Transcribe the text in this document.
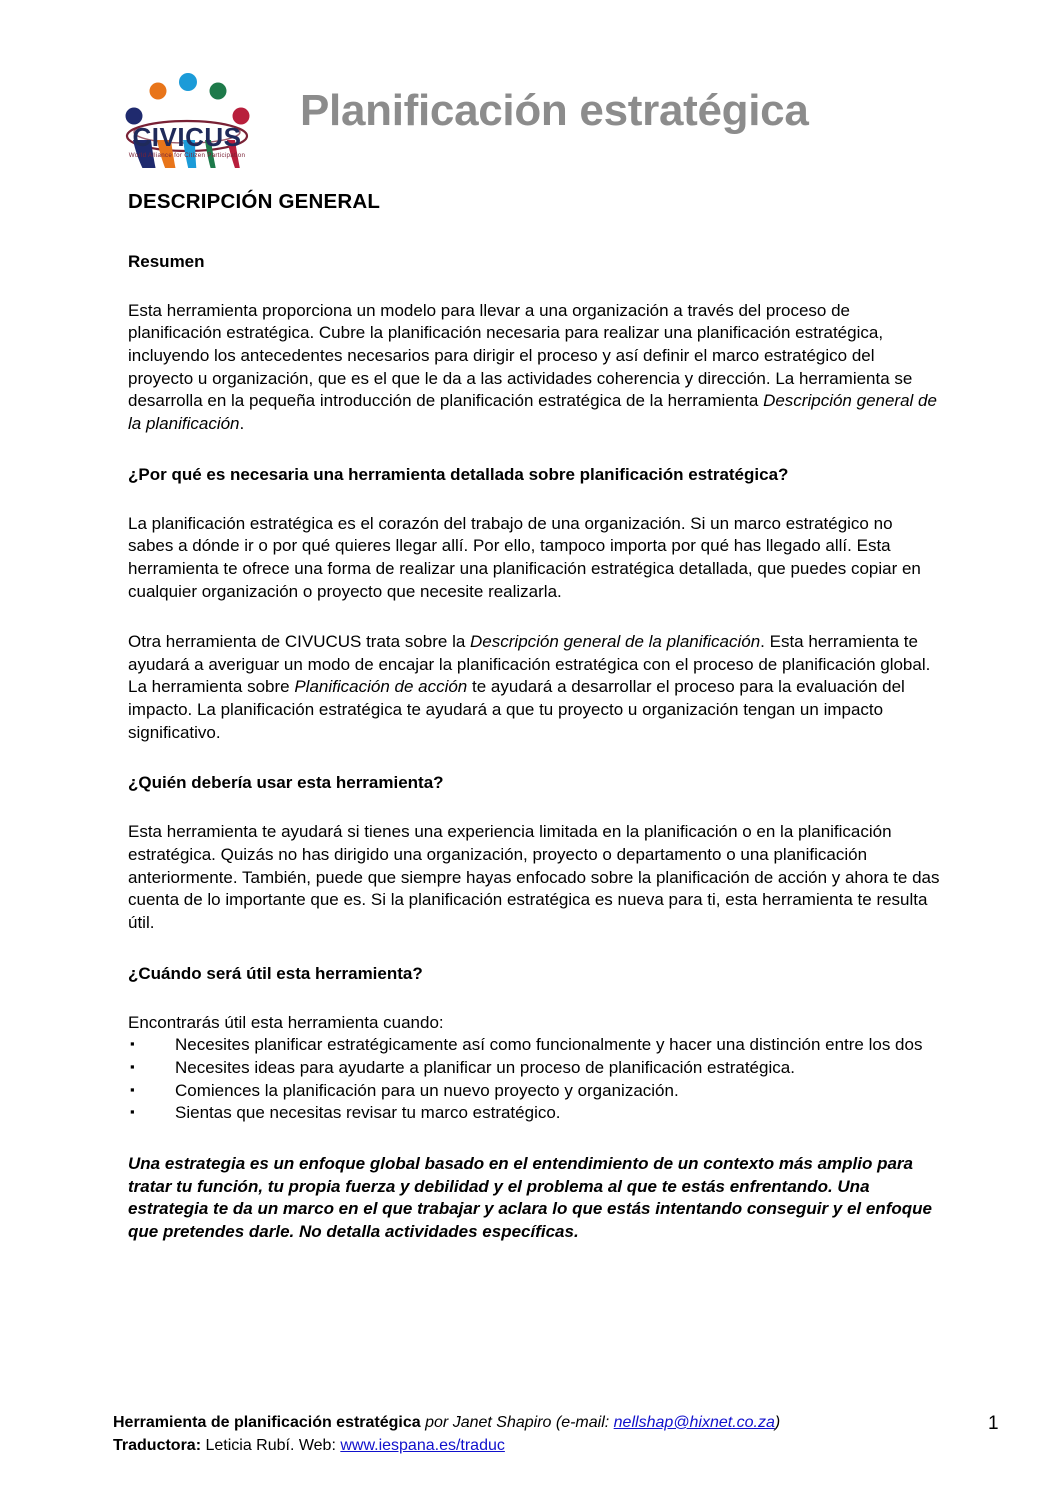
CIVICUS
World Alliance for Citizen Participation
Planificación estratégica
DESCRIPCIÓN GENERAL
Resumen

Esta herramienta proporciona un modelo para llevar a una organización a través del proceso de planificación estratégica. Cubre la planificación necesaria para realizar una planificación estratégica, incluyendo los antecedentes necesarios para dirigir el proceso y así definir el marco estratégico del proyecto u organización, que es el que le da a las actividades coherencia y dirección. La herramienta se desarrolla en la pequeña introducción de planificación estratégica de la herramienta Descripción general de la planificación.

¿Por qué es necesaria una herramienta detallada sobre planificación estratégica?

La planificación estratégica es el corazón del trabajo de una organización. Si un marco estratégico no sabes a dónde ir o por qué quieres llegar allí. Por ello, tampoco importa por qué has llegado allí. Esta herramienta te ofrece una forma de realizar una planificación estratégica detallada, que puedes copiar en cualquier organización o proyecto que necesite realizarla.

Otra herramienta de CIVUCUS trata sobre la Descripción general de la planificación. Esta herramienta te ayudará a averiguar un modo de encajar la planificación estratégica con el proceso de planificación global. La herramienta sobre Planificación de acción te ayudará a desarrollar el proceso para la evaluación del impacto. La planificación estratégica te ayudará a que tu proyecto u organización tengan un impacto significativo.

¿Quién debería usar esta herramienta?

Esta herramienta te ayudará si tienes una experiencia limitada en la planificación o en la planificación estratégica. Quizás no has dirigido una organización, proyecto o departamento o una planificación anteriormente. También, puede que siempre hayas enfocado sobre la planificación de acción y ahora te das cuenta de lo importante que es. Si la planificación estratégica es nueva para ti, esta herramienta te resulta útil.

¿Cuándo será útil esta herramienta?

Encontrarás útil esta herramienta cuando:

▪	Necesites planificar estratégicamente así como funcionalmente y hacer una distinción entre los dos
▪	Necesites ideas para ayudarte a planificar un proceso de planificación estratégica.
▪	Comiences la planificación para un nuevo proyecto y organización.
▪	Sientas que necesitas revisar tu marco estratégico.

Una estrategia es un enfoque global basado en el entendimiento de un contexto más amplio para tratar tu función, tu propia fuerza y debilidad y el problema al que te estás enfrentando. Una estrategia te da un marco en el que trabajar y aclara lo que estás intentando conseguir y el enfoque que pretendes darle. No detalla actividades específicas.

Herramienta de planificación estratégica por Janet Shapiro (e-mail: nellshap@hixnet.co.za)
Traductora: Leticia Rubí. Web: www.iespana.es/traduc
1
